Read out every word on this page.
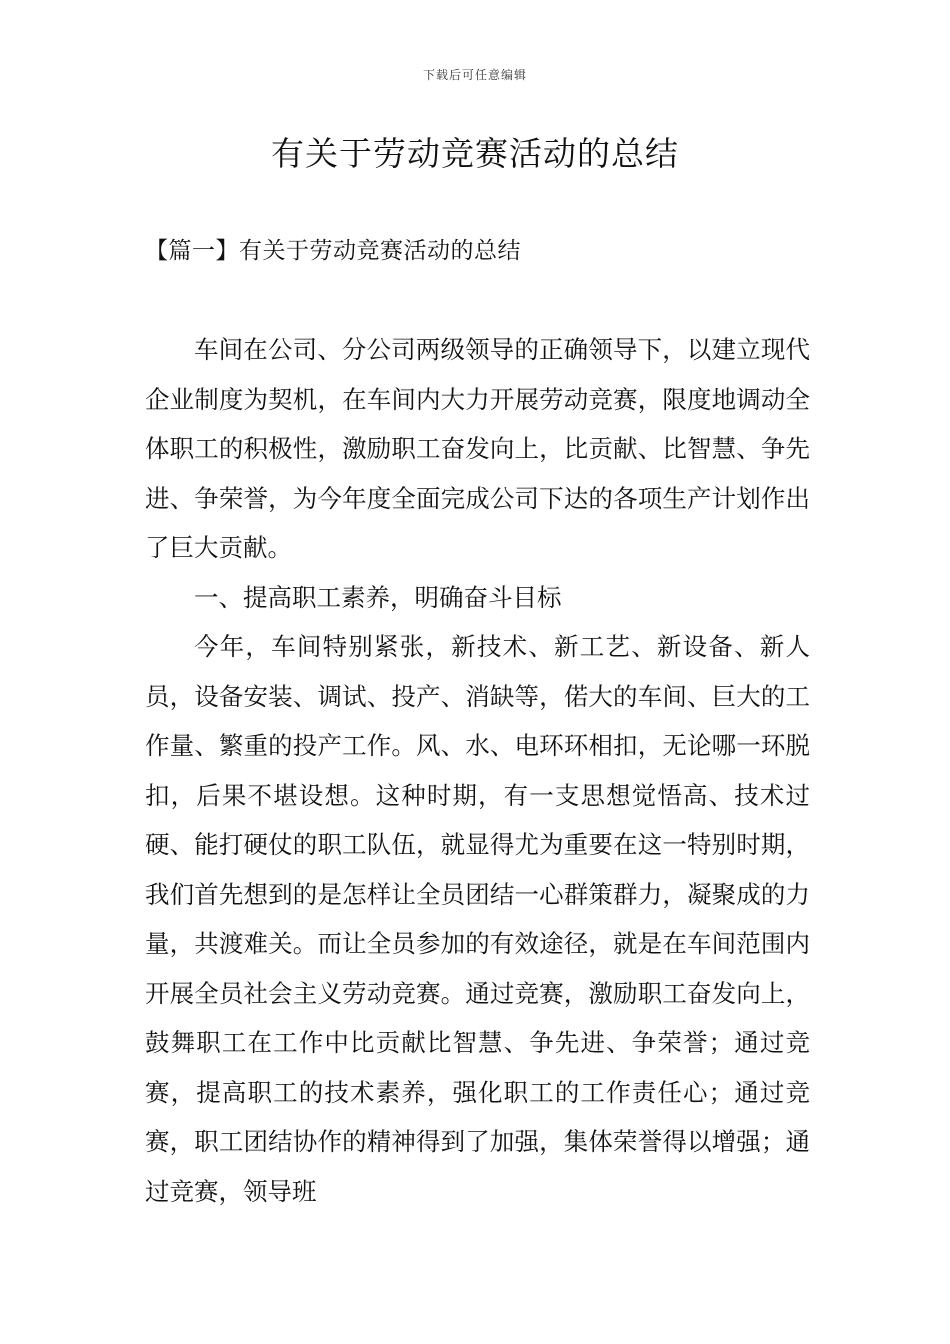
下载后可任意编辑
有关于劳动竞赛活动的总结
【篇一】有关于劳动竞赛活动的总结

车间在公司、分公司两级领导的正确领导下，以建立现代企业制度为契机，在车间内大力开展劳动竞赛，限度地调动全体职工的积极性，激励职工奋发向上，比贡献、比智慧、争先进、争荣誉，为今年度全面完成公司下达的各项生产计划作出了巨大贡献。

一、提高职工素养，明确奋斗目标

今年，车间特别紧张，新技术、新工艺、新设备、新人员，设备安装、调试、投产、消缺等，偌大的车间、巨大的工作量、繁重的投产工作。风、水、电环环相扣，无论哪一环脱扣，后果不堪设想。这种时期，有一支思想觉悟高、技术过硬、能打硬仗的职工队伍，就显得尤为重要在这一特别时期，我们首先想到的是怎样让全员团结一心群策群力，凝聚成的力量，共渡难关。而让全员参加的有效途径，就是在车间范围内开展全员社会主义劳动竞赛。通过竞赛，激励职工奋发向上，鼓舞职工在工作中比贡献比智慧、争先进、争荣誉；通过竞赛，提高职工的技术素养，强化职工的工作责任心；通过竞赛，职工团结协作的精神得到了加强，集体荣誉得以增强；通过竞赛，领导班
